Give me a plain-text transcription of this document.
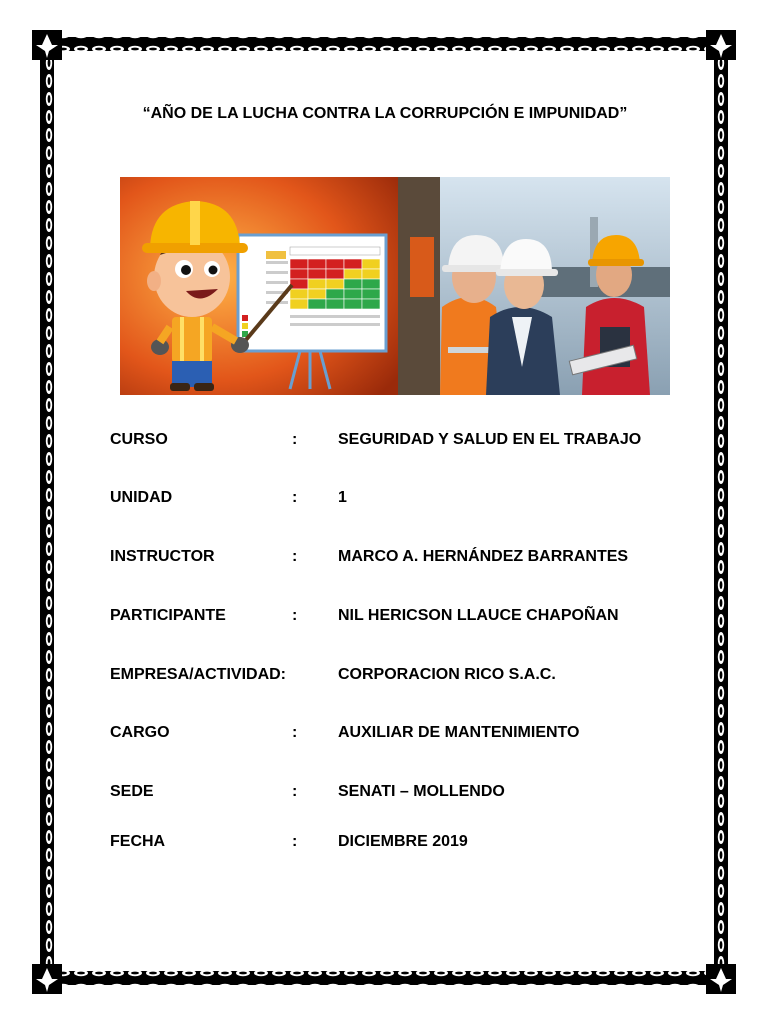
“AÑO DE LA LUCHA CONTRA LA CORRUPCIÓN E IMPUNIDAD”
CURSO	:	SEGURIDAD Y SALUD EN EL TRABAJO
UNIDAD	:	1
INSTRUCTOR	:	MARCO A. HERNÁNDEZ BARRANTES
PARTICIPANTE	:	NIL HERICSON LLAUCE CHAPOÑAN
EMPRESA/ACTIVIDAD:	CORPORACION RICO S.A.C.
CARGO	:	AUXILIAR DE MANTENIMIENTO
SEDE	:	SENATI – MOLLENDO
FECHA	:	DICIEMBRE 2019
